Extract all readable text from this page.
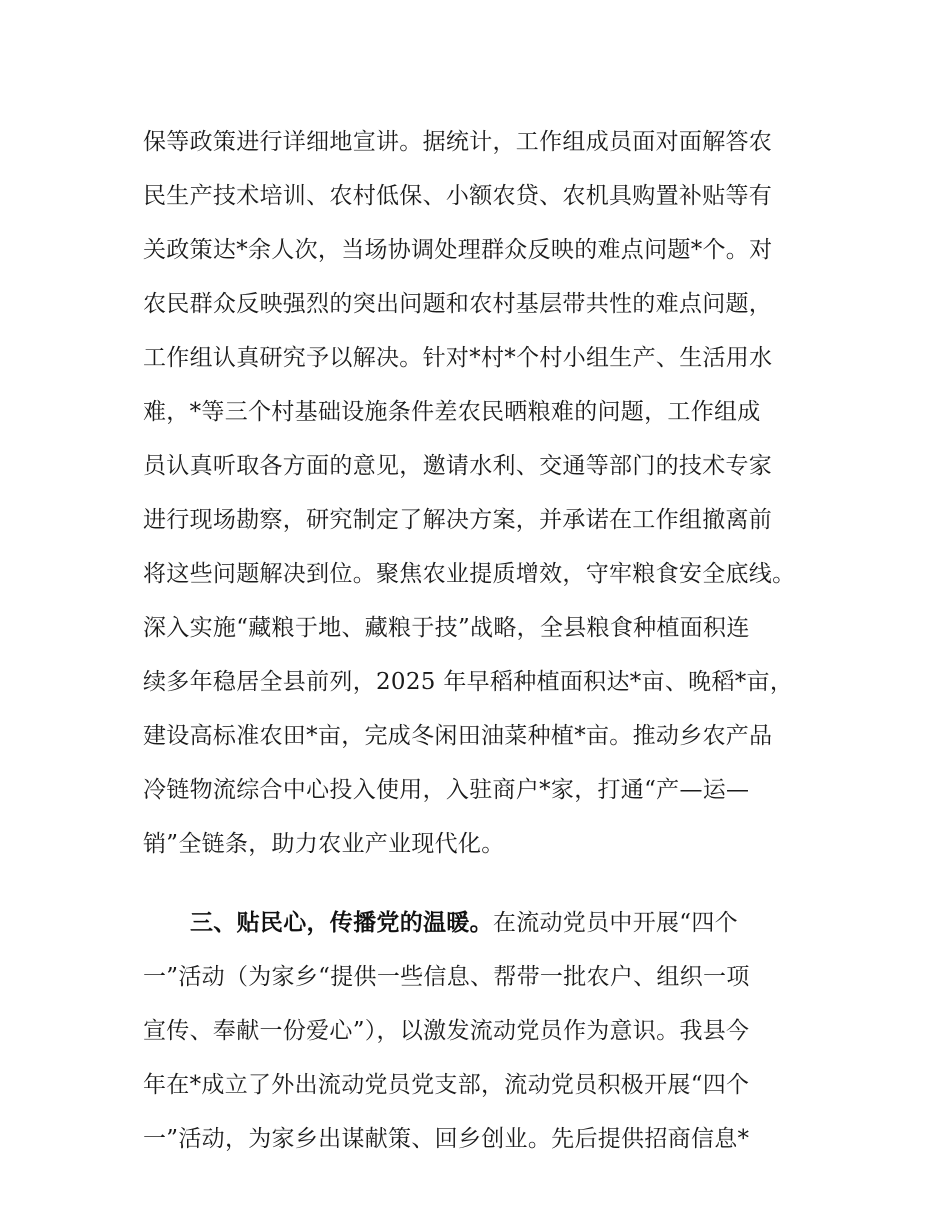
保等政策进行详细地宣讲。据统计，工作组成员面对面解答农
民生产技术培训、农村低保、小额农贷、农机具购置补贴等有
关政策达*余人次，当场协调处理群众反映的难点问题*个。对
农民群众反映强烈的突出问题和农村基层带共性的难点问题，
工作组认真研究予以解决。针对*村*个村小组生产、生活用水
难，*等三个村基础设施条件差农民晒粮难的问题，工作组成
员认真听取各方面的意见，邀请水利、交通等部门的技术专家
进行现场勘察，研究制定了解决方案，并承诺在工作组撤离前
将这些问题解决到位。聚焦农业提质增效，守牢粮食安全底线。
深入实施“藏粮于地、藏粮于技”战略，全县粮食种植面积连
续多年稳居全县前列，2025 年早稻种植面积达*亩、晚稻*亩，
建设高标准农田*亩，完成冬闲田油菜种植*亩。推动乡农产品
冷链物流综合中心投入使用，入驻商户*家，打通“产—运—
销”全链条，助力农业产业现代化。
三、贴民心，传播党的温暖。在流动党员中开展“四个
一”活动（为家乡“提供一些信息、帮带一批农户、组织一项
宣传、奉献一份爱心”），以激发流动党员作为意识。我县今
年在*成立了外出流动党员党支部，流动党员积极开展“四个
一”活动，为家乡出谋献策、回乡创业。先后提供招商信息*
